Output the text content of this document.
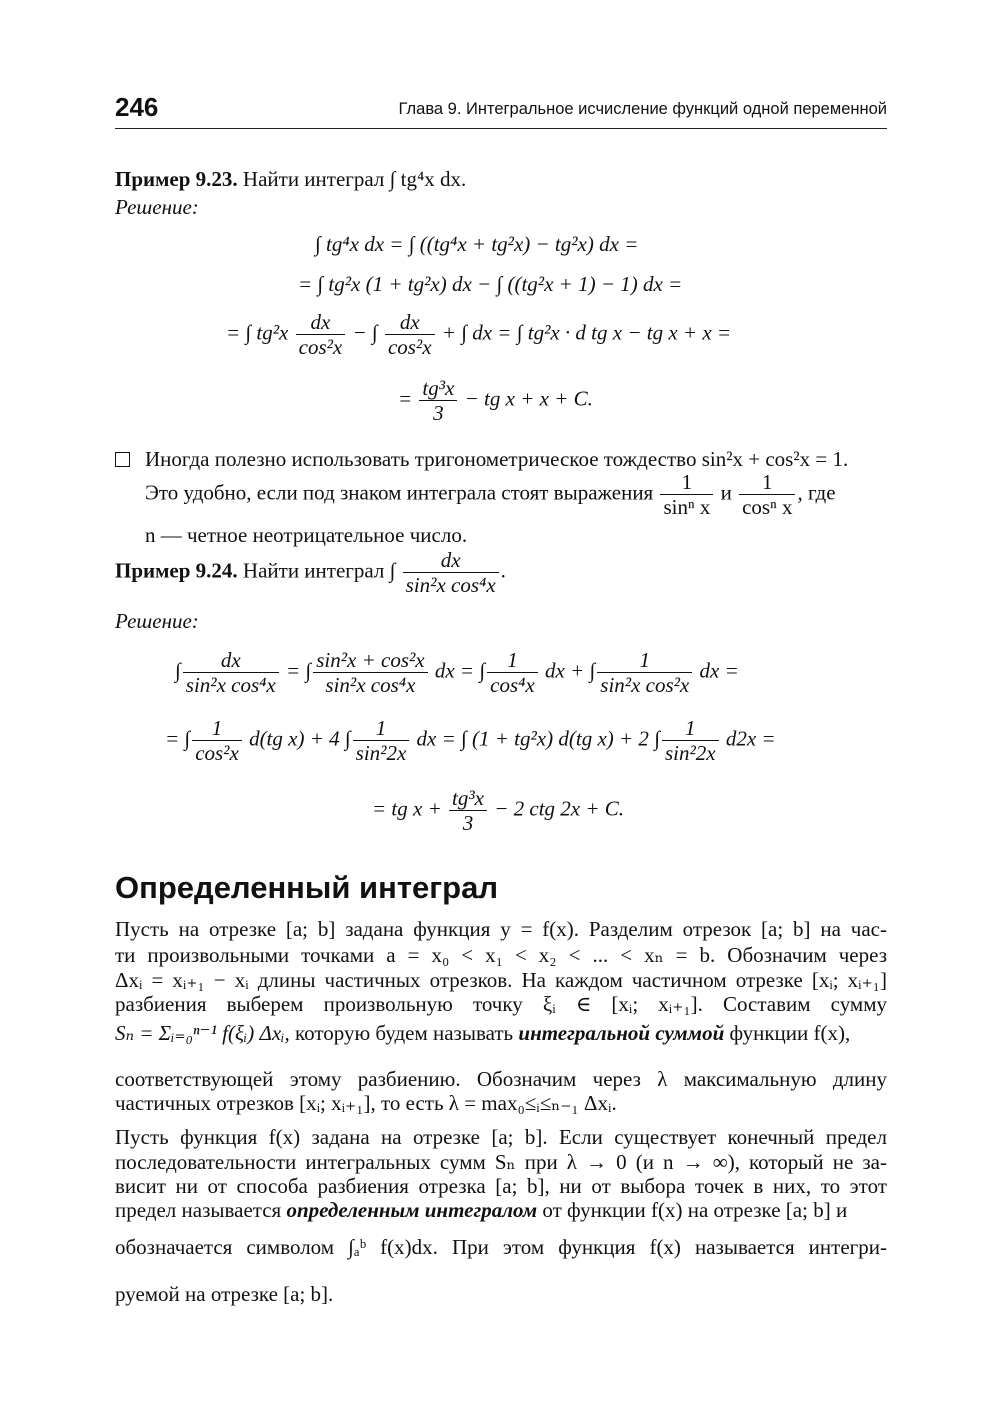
246	Глава 9. Интегральное исчисление функций одной переменной
Пример 9.23. Найти интеграл ∫ tg⁴x dx.
Решение:
∫ tg⁴x dx = ∫ ((tg⁴x + tg²x) − tg²x) dx =
= ∫ tg²x (1 + tg²x) dx − ∫ ((tg²x + 1) − 1) dx =
= ∫ $tg^2x \frac{dx}{\text{cos²x}}$ − ∫ $\frac{dx}{\text{cos²x}}$ + ∫ dx = ∫ tg²x · d tg x − tg x + x =
= $\frac{\text{tg³x}}{3}$ − tg x + x + C.
Иногда полезно использовать тригонометрическое тождество sin²x + cos²x = 1.
Это удобно, если под знаком интеграла стоят выражения $\frac{1}{\text{sinⁿ x}}$ и $\frac{1}{\text{cosⁿ x}}$ , где
n — четное неотрицательное число.
Пример 9.24. Найти интеграл ∫ $\frac{dx}{\text{sin²x cos⁴x}}$ .
Решение:
∫ $\frac{dx}{\text{sin²x cos⁴x}}$ = ∫ $\frac{\text{sin²x + cos²x}}{\text{sin²x cos⁴x}}$ dx = ∫ $\frac{1}{\text{cos⁴x}}$ dx + ∫ $\frac{1}{\text{sin²x cos²x}}$ dx =
= ∫ $\frac{1}{\text{cos²x}} d(tg$ x) + 4 ∫ $\frac{1}{\text{sin²2x}}$ dx = ∫ (1 + tg²x) d(tg x) + 2 ∫ $\frac{1}{\text{sin²2x}} d2x$ =
= tg $x + \frac{\text{tg³x}}{3} - 2$ ctg 2x + C.
Определенный интеграл
Пусть на отрезке [a; b] задана функция y = f(x). Разделим отрезок [a; b] на час-
ти произвольными точками a = x₀ < x₁ < x₂ < ... < xₙ = b. Обозначим через
Δxᵢ = xᵢ₊₁ − xᵢ длины частичных отрезков. На каждом частичном отрезке [xᵢ; xᵢ₊₁]
разбиения выберем произвольную точку ξᵢ ∈ [xᵢ; xᵢ₊₁]. Составим сумму
Sₙ = Σᵢ₌₀ⁿ⁻¹ f(ξᵢ) Δxᵢ, которую будем называть интегральной суммой функции f(x),
соответствующей этому разбиению. Обозначим через λ максимальную длину
частичных отрезков [xᵢ; xᵢ₊₁], то есть λ = max₀≤ᵢ≤ₙ₋₁ Δxᵢ.
Пусть функция f(x) задана на отрезке [a; b]. Если существует конечный предел
последовательности интегральных сумм Sₙ при λ → 0 (и n → ∞), который не за-
висит ни от способа разбиения отрезка [a; b], ни от выбора точек в них, то этот
предел называется определенным интегралом от функции f(x) на отрезке [a; b] и
обозначается символом ∫ₐᵇ f(x)dx. При этом функция f(x) называется интегри-
руемой на отрезке [a; b].
